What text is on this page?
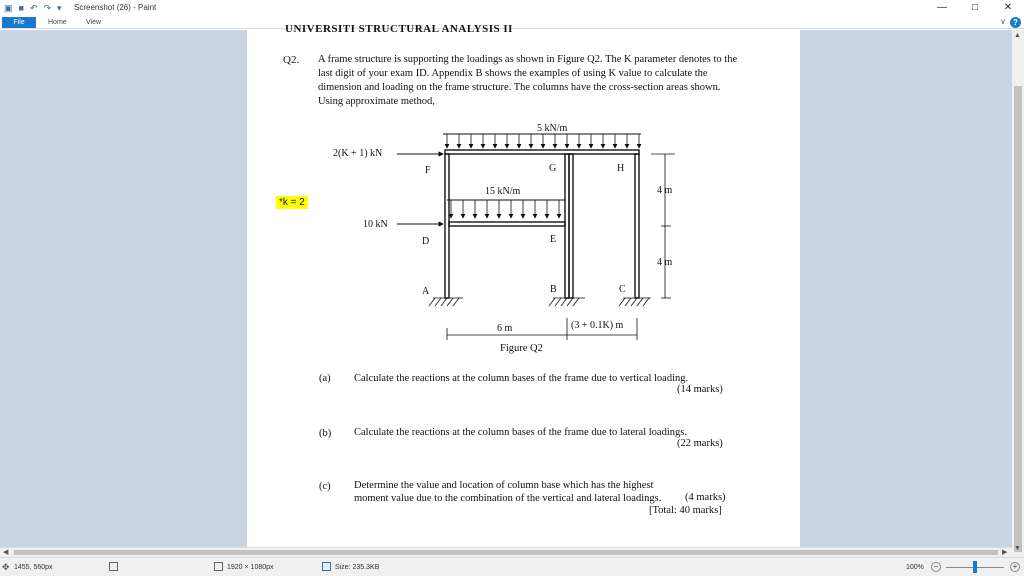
▣ ■ ↶ ↷ ▾ Screenshot (26) - Paint	—	□	✕
File	Home	View	∨ ?
UNIVERSITI STRUCTURAL ANALYSIS II
Q2. A frame structure is supporting the loadings as shown in Figure Q2. The K parameter denotes to the last digit of your exam ID. Appendix B shows the examples of using K value to calculate the dimension and loading on the frame structure. The columns have the cross-section areas shown. Using approximate method,
*k = 2
5 kN/m
15 kN/m
2(K + 1) kN
10 kN
F	G	H
D	E
A	B	C
4 m
4 m
6 m	(3 + 0.1K) m
Figure Q2
(a) Calculate the reactions at the column bases of the frame due to vertical loading.
(14 marks)
(b) Calculate the reactions at the column bases of the frame due to lateral loadings.
(22 marks)
(c) Determine the value and location of column base which has the highest moment value due to the combination of the vertical and lateral loadings.	(4 marks)
[Total: 40 marks]
▲
▼
◀	▶
✥ 1455, 560px	1920 × 1080px	Size: 235.3KB	100%	−	+
